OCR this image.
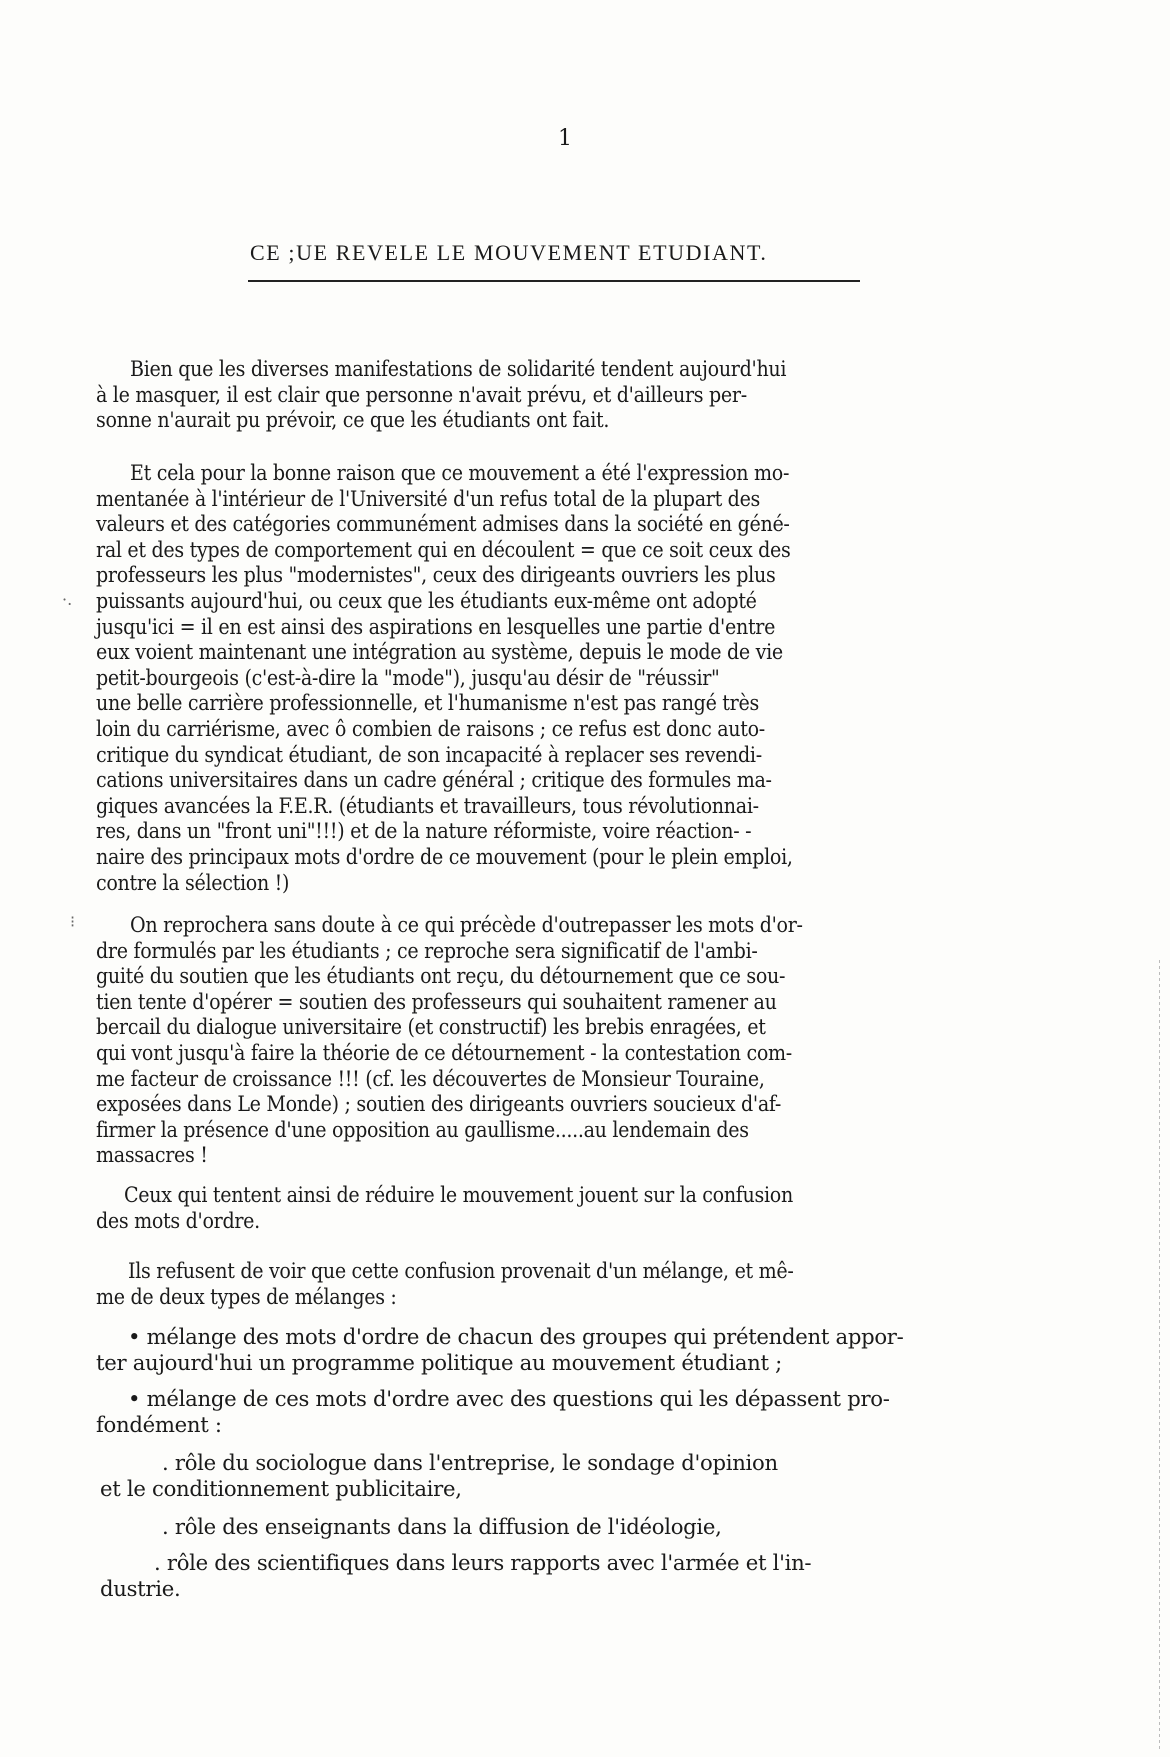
1
CE ;UE REVELE LE MOUVEMENT ETUDIANT.
Bien que les diverses manifestations de solidarité tendent aujourd'hui
à le masquer, il est clair que personne n'avait prévu, et d'ailleurs per-
sonne n'aurait pu prévoir, ce que les étudiants ont fait.
Et cela pour la bonne raison que ce mouvement a été l'expression mo-
mentanée à l'intérieur de l'Université d'un refus total de la plupart des
valeurs et des catégories communément admises dans la société en géné-
ral et des types de comportement qui en découlent = que ce soit ceux des
professeurs les plus "modernistes", ceux des dirigeants ouvriers les plus
puissants aujourd'hui, ou ceux que les étudiants eux-même ont adopté
jusqu'ici = il en est ainsi des aspirations en lesquelles une partie d'entre
eux voient maintenant une intégration au système, depuis le mode de vie
petit-bourgeois (c'est-à-dire la "mode"), jusqu'au désir de "réussir"
une belle carrière professionnelle, et l'humanisme n'est pas rangé très
loin du carriérisme, avec ô combien de raisons ; ce refus est donc auto-
critique du syndicat étudiant, de son incapacité à replacer ses revendi-
cations universitaires dans un cadre général ; critique des formules ma-
giques avancées la F.E.R. (étudiants et travailleurs, tous révolutionnai-
res, dans un "front uni"!!!) et de la nature réformiste, voire réaction- -
naire des principaux mots d'ordre de ce mouvement (pour le plein emploi,
contre la sélection !)
On reprochera sans doute à ce qui précède d'outrepasser les mots d'or-
dre formulés par les étudiants ; ce reproche sera significatif de l'ambi-
guité du soutien que les étudiants ont reçu, du détournement que ce sou-
tien tente d'opérer = soutien des professeurs qui souhaitent ramener au
bercail du dialogue universitaire (et constructif) les brebis enragées, et
qui vont jusqu'à faire la théorie de ce détournement - la contestation com-
me facteur de croissance !!! (cf. les découvertes de Monsieur Touraine,
exposées dans Le Monde) ; soutien des dirigeants ouvriers soucieux d'af-
firmer la présence d'une opposition au gaullisme.....au lendemain des
massacres !
Ceux qui tentent ainsi de réduire le mouvement jouent sur la confusion
des mots d'ordre.
Ils refusent de voir que cette confusion provenait d'un mélange, et mê-
me de deux types de mélanges :
• mélange des mots d'ordre de chacun des groupes qui prétendent appor-
ter aujourd'hui un programme politique au mouvement étudiant ;
• mélange de ces mots d'ordre avec des questions qui les dépassent pro-
fondément :
. rôle du sociologue dans l'entreprise, le sondage d'opinion
et le conditionnement publicitaire,
. rôle des enseignants dans la diffusion de l'idéologie,
. rôle des scientifiques dans leurs rapports avec l'armée et l'in-
dustrie.
·.
⁝
